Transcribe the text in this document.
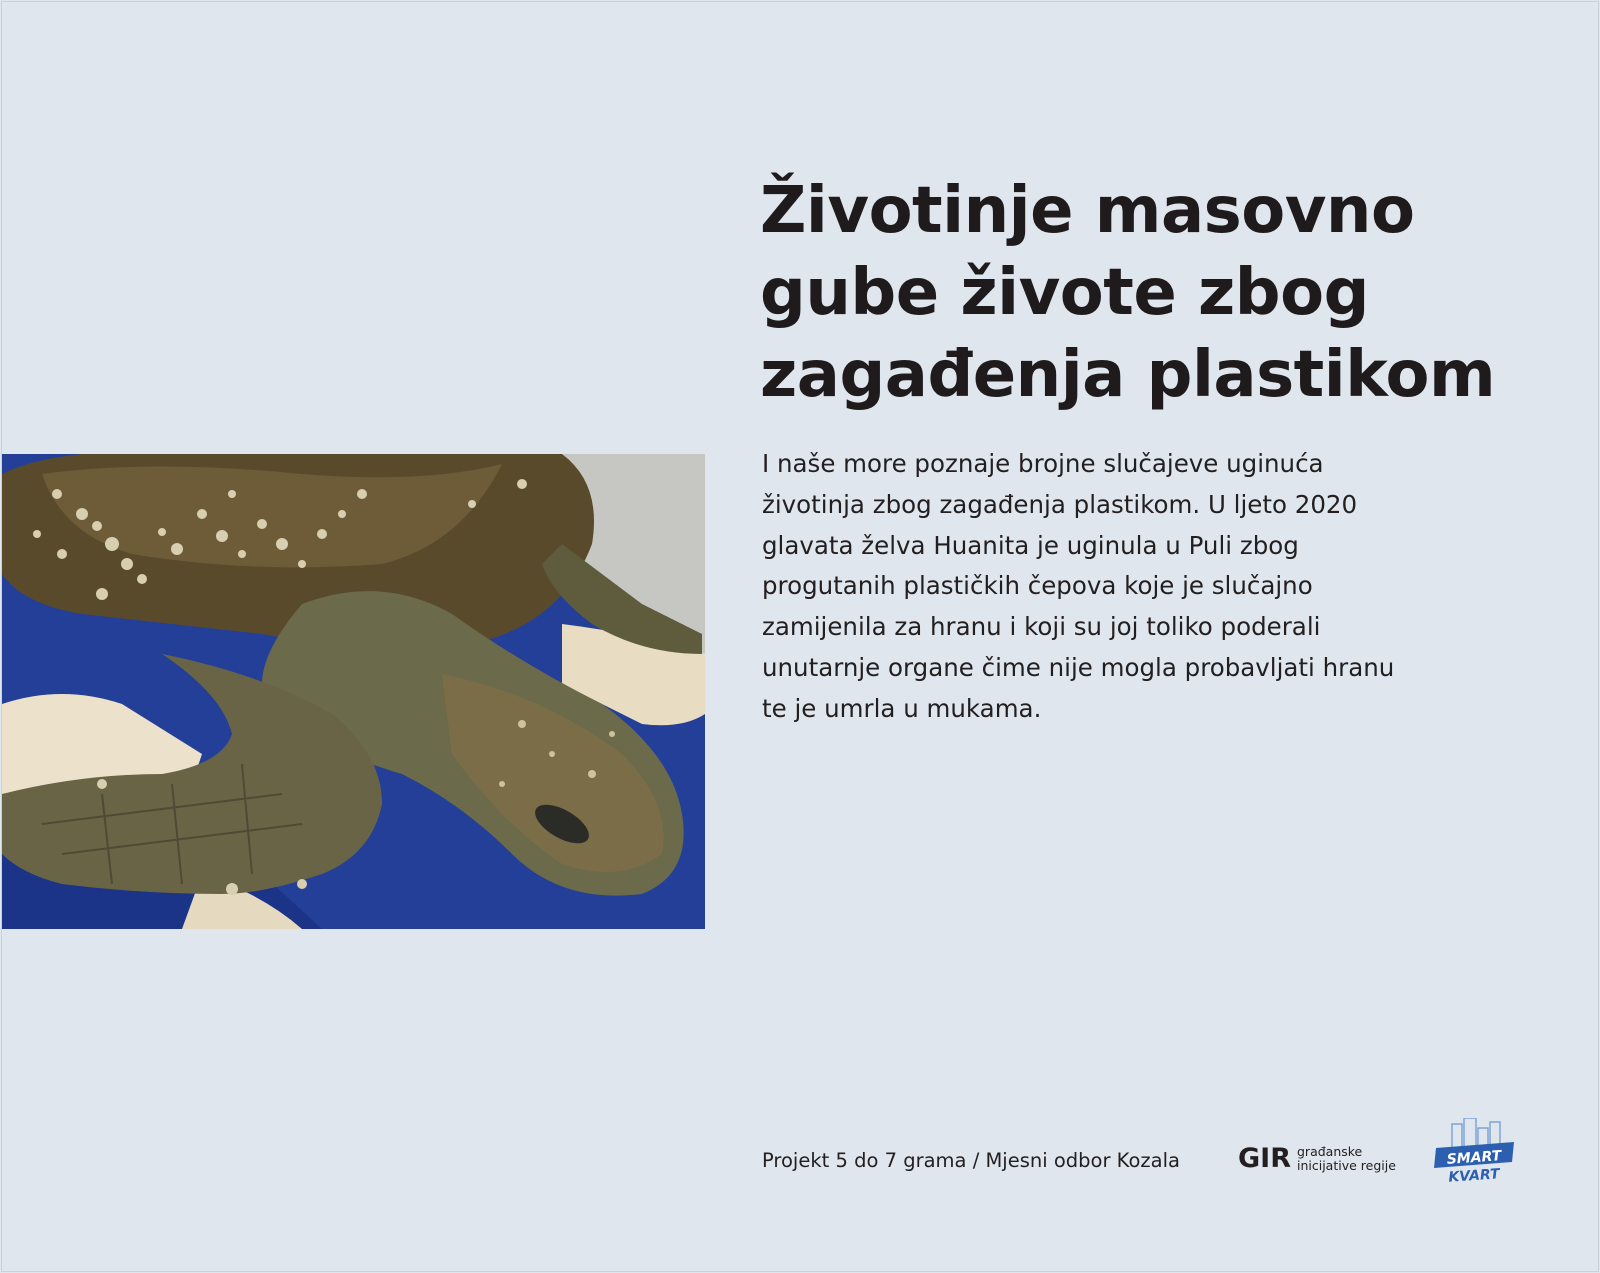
Životinje masovno
gube živote zbog
zagađenja plastikom

I naše more poznaje brojne slučajeve uginuća
životinja zbog zagađenja plastikom. U ljeto 2020
glavata želva Huanita je uginula u Puli zbog
progutanih plastičkih čepova koje je slučajno
zamijenila za hranu i koji su joj toliko poderali
unutarnje organe čime nije mogla probavljati hranu
te je umrla u mukama.

Projekt 5 do 7 grama / Mjesni odbor Kozala GIR građanske
inicijative regije	SMART
KVART
